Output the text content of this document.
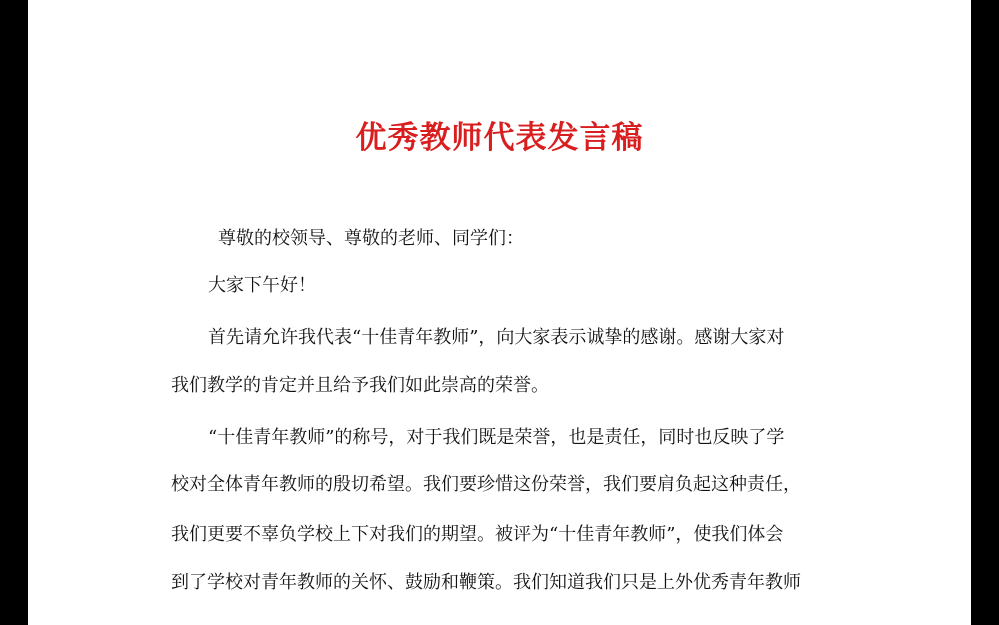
优秀教师代表发言稿

尊敬的校领导、尊敬的老师、同学们：

大家下午好！

首先请允许我代表“十佳青年教师”，向大家表示诚挚的感谢。感谢大家对

我们教学的肯定并且给予我们如此崇高的荣誉。

“十佳青年教师”的称号，对于我们既是荣誉，也是责任，同时也反映了学

校对全体青年教师的殷切希望。我们要珍惜这份荣誉，我们要肩负起这种责任，

我们更要不辜负学校上下对我们的期望。被评为“十佳青年教师”，使我们体会

到了学校对青年教师的关怀、鼓励和鞭策。我们知道我们只是上外优秀青年教师
